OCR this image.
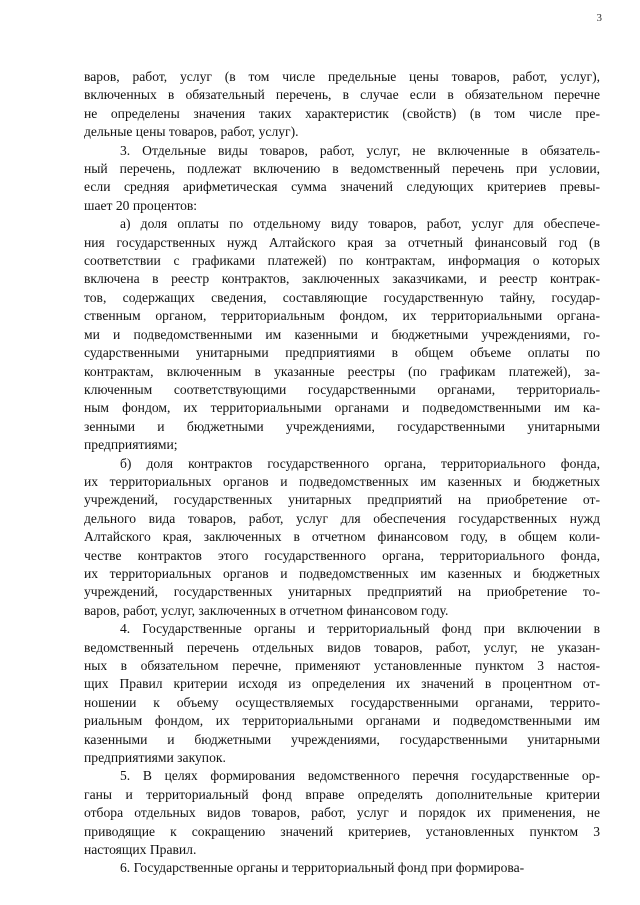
3
варов, работ, услуг (в том числе предельные цены товаров, работ, услуг),
включенных в обязательный перечень, в случае если в обязательном перечне
не определены значения таких характеристик (свойств) (в том числе пре-
дельные цены товаров, работ, услуг).
3. Отдельные виды товаров, работ, услуг, не включенные в обязатель-
ный перечень, подлежат включению в ведомственный перечень при условии,
если средняя арифметическая сумма значений следующих критериев превы-
шает 20 процентов:
а) доля оплаты по отдельному виду товаров, работ, услуг для обеспече-
ния государственных нужд Алтайского края за отчетный финансовый год (в
соответствии с графиками платежей) по контрактам, информация о которых
включена в реестр контрактов, заключенных заказчиками, и реестр контрак-
тов, содержащих сведения, составляющие государственную тайну, государ-
ственным органом, территориальным фондом, их территориальными органа-
ми и подведомственными им казенными и бюджетными учреждениями, го-
сударственными унитарными предприятиями в общем объеме оплаты по
контрактам, включенным в указанные реестры (по графикам платежей), за-
ключенным соответствующими государственными органами, территориаль-
ным фондом, их территориальными органами и подведомственными им ка-
зенными и бюджетными учреждениями, государственными унитарными
предприятиями;
б) доля контрактов государственного органа, территориального фонда,
их территориальных органов и подведомственных им казенных и бюджетных
учреждений, государственных унитарных предприятий на приобретение от-
дельного вида товаров, работ, услуг для обеспечения государственных нужд
Алтайского края, заключенных в отчетном финансовом году, в общем коли-
честве контрактов этого государственного органа, территориального фонда,
их территориальных органов и подведомственных им казенных и бюджетных
учреждений, государственных унитарных предприятий на приобретение то-
варов, работ, услуг, заключенных в отчетном финансовом году.
4. Государственные органы и территориальный фонд при включении в
ведомственный перечень отдельных видов товаров, работ, услуг, не указан-
ных в обязательном перечне, применяют установленные пунктом 3 настоя-
щих Правил критерии исходя из определения их значений в процентном от-
ношении к объему осуществляемых государственными органами, террито-
риальным фондом, их территориальными органами и подведомственными им
казенными и бюджетными учреждениями, государственными унитарными
предприятиями закупок.
5. В целях формирования ведомственного перечня государственные ор-
ганы и территориальный фонд вправе определять дополнительные критерии
отбора отдельных видов товаров, работ, услуг и порядок их применения, не
приводящие к сокращению значений критериев, установленных пунктом 3
настоящих Правил.
6. Государственные органы и территориальный фонд при формирова-
